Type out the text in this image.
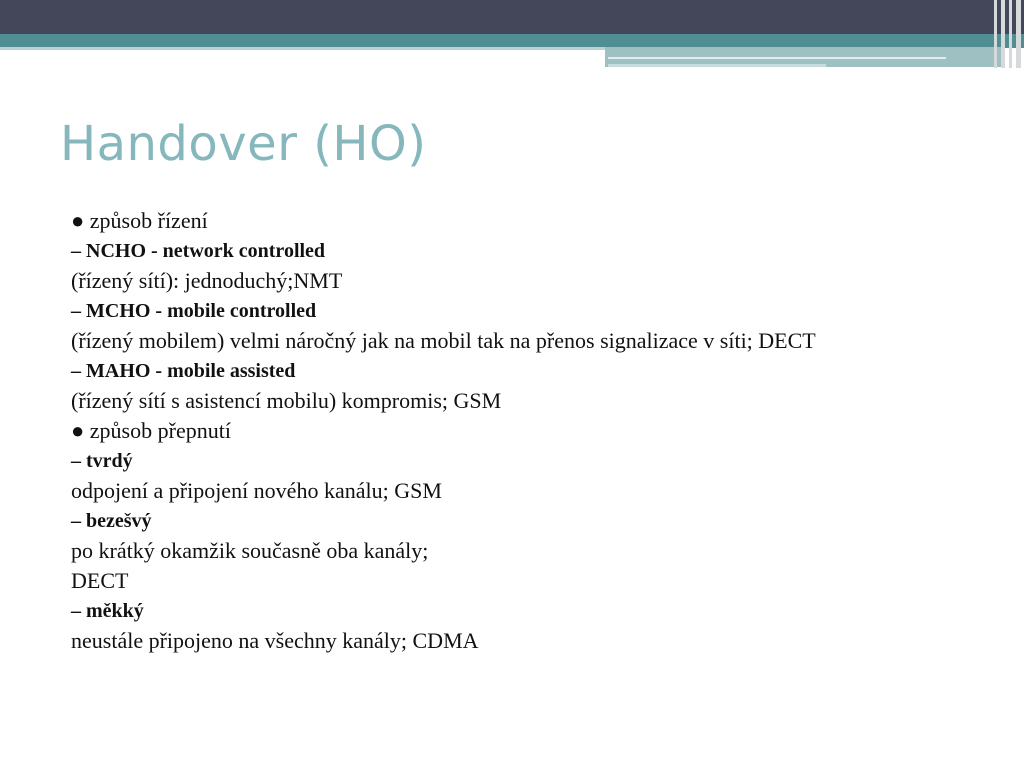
Handover (HO)
● způsob řízení
– NCHO - network controlled
(řízený sítí): jednoduchý;NMT
– MCHO - mobile controlled
(řízený mobilem) velmi náročný jak na mobil tak na přenos signalizace v síti; DECT
– MAHO - mobile assisted
(řízený sítí s asistencí mobilu) kompromis; GSM
● způsob přepnutí
– tvrdý
odpojení a připojení nového kanálu; GSM
– bezešvý
po krátký okamžik současně oba kanály;
DECT
– měkký
neustále připojeno na všechny kanály; CDMA
